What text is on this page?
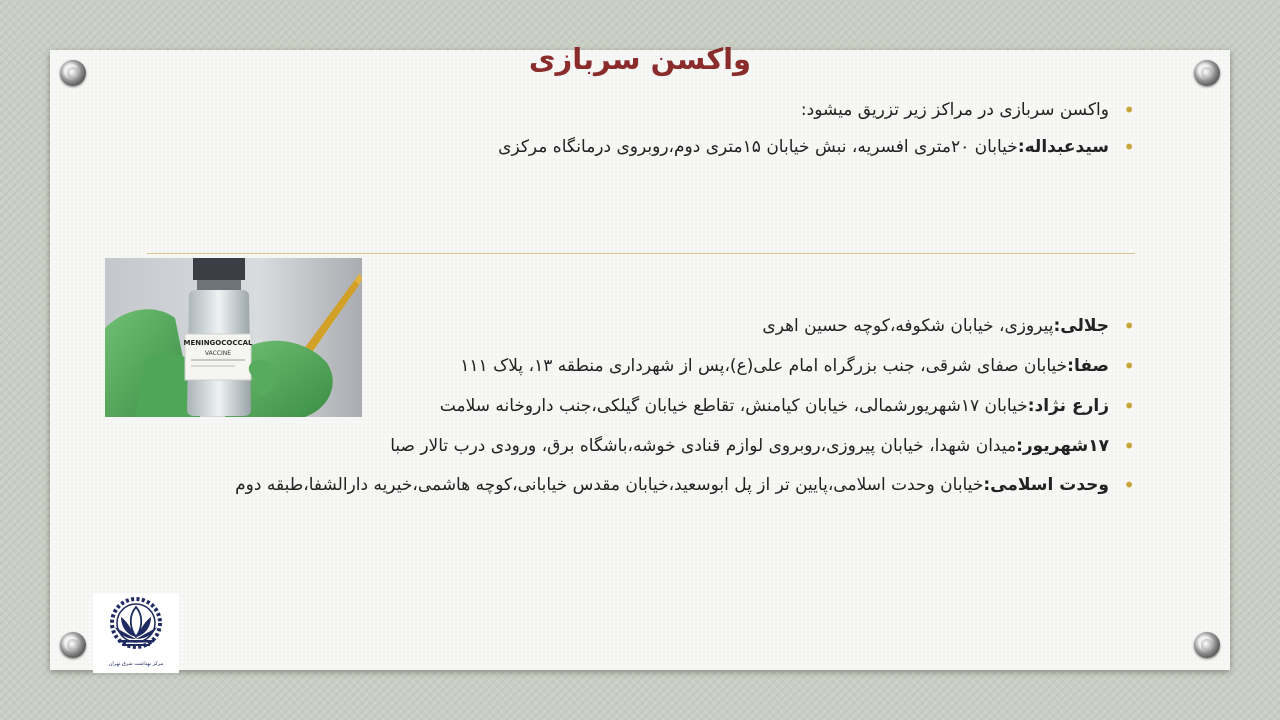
MENINGOCOCCAL
VACCINE
مرکز بهداشت شرق تهران
واکسن سربازی
• واکسن سربازی در مراکز زیر تزریق میشود:
• سیدعبداله:خیابان ۲۰متری افسریه، نبش خیابان ۱۵متری دوم،روبروی درمانگاه مرکزی
• جلالی:پیروزی، خیابان شکوفه،کوچه حسین اهری
• صفا:خیابان صفای شرقی، جنب بزرگراه امام علی(ع)،پس از شهرداری منطقه ۱۳، پلاک ۱۱۱
• زارع نژاد:خیابان ۱۷شهریورشمالی، خیابان کیامنش، تقاطع خیابان گیلکی،جنب داروخانه سلامت
• ۱۷شهریور:میدان شهدا، خیابان پیروزی،روبروی لوازم قنادی خوشه،باشگاه برق، ورودی درب تالار صبا
• وحدت اسلامی:خیابان وحدت اسلامی،پایین تر از پل ابوسعید،خیابان مقدس خیابانی،کوچه هاشمی،خیریه دارالشفا،طبقه دوم
